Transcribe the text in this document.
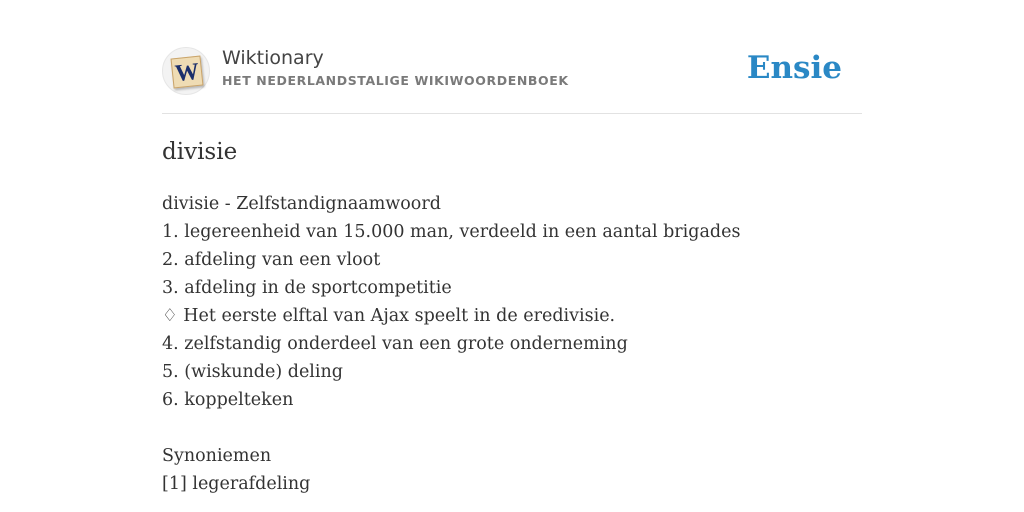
W
Wiktionary
HET NEDERLANDSTALIGE WIKIWOORDENBOEK	Ensie
divisie
divisie - Zelfstandignaamwoord
1. legereenheid van 15.000 man, verdeeld in een aantal brigades
2. afdeling van een vloot
3. afdeling in de sportcompetitie
♢ Het eerste elftal van Ajax speelt in de eredivisie.
4. zelfstandig onderdeel van een grote onderneming
5. (wiskunde) deling
6. koppelteken
Synoniemen
[1] legerafdeling
